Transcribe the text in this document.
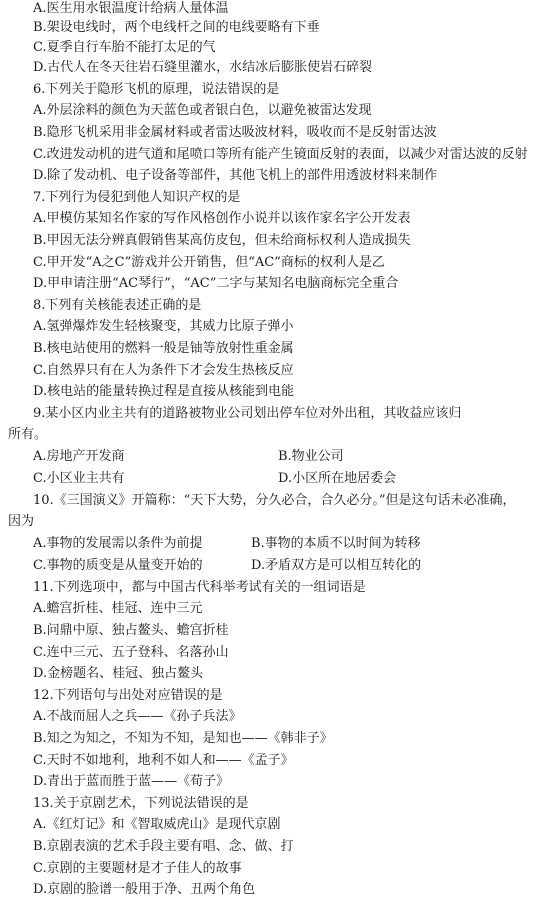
A.医生用水银温度计给病人量体温
B.架设电线时，两个电线杆之间的电线要略有下垂
C.夏季自行车胎不能打太足的气
D.古代人在冬天往岩石缝里灌水，水结冰后膨胀使岩石碎裂
6.下列关于隐形飞机的原理，说法错误的是
A.外层涂料的颜色为天蓝色或者银白色，以避免被雷达发现
B.隐形飞机采用非金属材料或者雷达吸波材料，吸收而不是反射雷达波
C.改进发动机的进气道和尾喷口等所有能产生镜面反射的表面，以减少对雷达波的反射
D.除了发动机、电子设备等部件，其他飞机上的部件用透波材料来制作
7.下列行为侵犯到他人知识产权的是
A.甲模仿某知名作家的写作风格创作小说并以该作家名字公开发表
B.甲因无法分辨真假销售某高仿皮包，但未给商标权利人造成损失
C.甲开发“A之C”游戏并公开销售，但“AC”商标的权利人是乙
D.甲申请注册“AC琴行”，“AC”二字与某知名电脑商标完全重合
8.下列有关核能表述正确的是
A.氢弹爆炸发生轻核聚变，其威力比原子弹小
B.核电站使用的燃料一般是铀等放射性重金属
C.自然界只有在人为条件下才会发生热核反应
D.核电站的能量转换过程是直接从核能到电能
9.某小区内业主共有的道路被物业公司划出停车位对外出租，其收益应该归
所有。
A.房地产开发商	B.物业公司
C.小区业主共有	D.小区所在地居委会
10.《三国演义》开篇称：“天下大势，分久必合，合久必分。”但是这句话未必准确，
因为
A.事物的发展需以条件为前提	B.事物的本质不以时间为转移
C.事物的质变是从量变开始的	D.矛盾双方是可以相互转化的
11.下列选项中，都与中国古代科举考试有关的一组词语是
A.蟾宫折桂、桂冠、连中三元
B.问鼎中原、独占鳌头、蟾宫折桂
C.连中三元、五子登科、名落孙山
D.金榜题名、桂冠、独占鳌头
12.下列语句与出处对应错误的是
A.不战而屈人之兵——《孙子兵法》
B.知之为知之，不知为不知，是知也——《韩非子》
C.天时不如地利，地利不如人和——《孟子》
D.青出于蓝而胜于蓝——《荀子》
13.关于京剧艺术，下列说法错误的是
A.《红灯记》和《智取威虎山》是现代京剧
B.京剧表演的艺术手段主要有唱、念、做、打
C.京剧的主要题材是才子佳人的故事
D.京剧的脸谱一般用于净、丑两个角色
